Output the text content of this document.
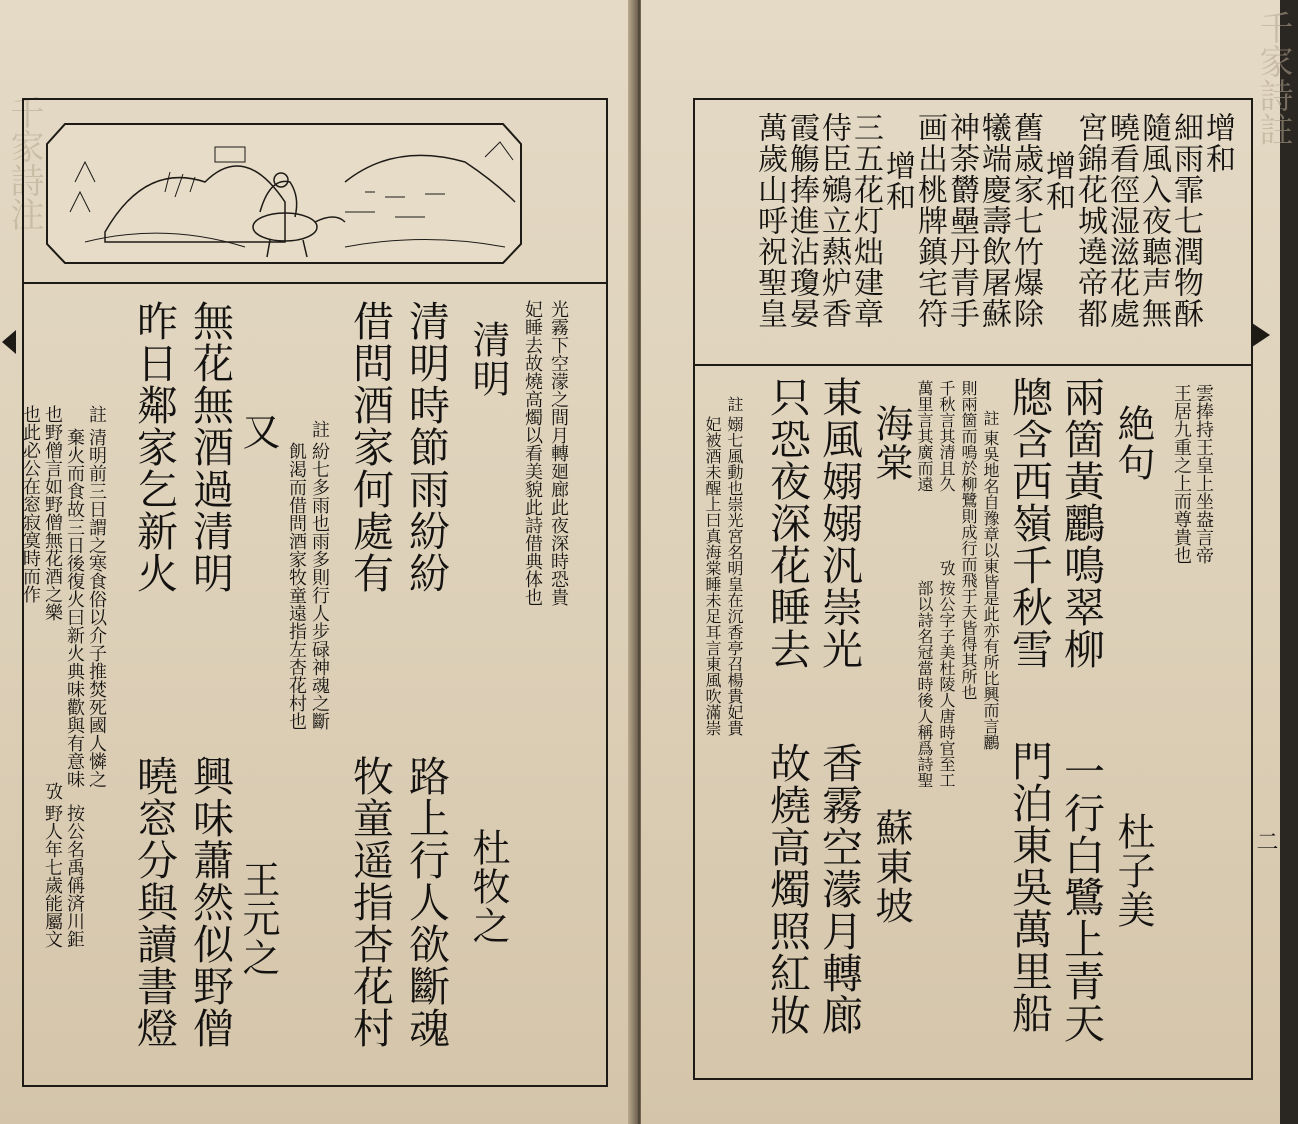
千家詩注
光霧下空濛之間月轉廻廊此夜深時恐貴
妃睡去故燒高燭以看美貌此詩借典体也
清明
杜牧之
清明時節雨紛紛
路上行人欲斷魂
借問酒家何處有
牧童遥指杏花村
註
紛七多雨也雨多則行人步碌神魂之斷
飢渇而借問酒家牧童遠指左杏花村也
又
王元之
無花無酒過清明
興味蕭然似野僧
昨日鄰家乞新火
曉窓分與讀書燈
註
清明前三日謂之寒食俗以介子推焚死國人憐之
棄火而食故三日後復火曰新火典味歡與有意味
也野僧言如野僧無花酒之樂
也此必公在窓寂寞時而作
攷
按公名禹偁済川鉅
野人年七歲能屬文	二
千家詩註
增和
細雨霏七潤物酥
隨風入夜聽声無
曉看徑湿滋花處
宮錦花城遶帝都
增和
舊歳家七竹爆除
犧端慶壽飲屠蘇
神荼欝壘丹青手
画出桃牌鎮宅符
增和
三五花灯炪建章
侍臣鵷立爇炉香
霞觴捧進沾瓊晏
萬歲山呼祝聖皇
雲捧持王皇上坐盎言帝
王居九重之上而尊貴也
絶句
杜子美
兩箇黃鸝鳴翠柳
一行白鷺上青天
牕含西嶺千秋雪
門泊東吳萬里船
註
東吳地名自豫章以東皆是此亦有所比興而言鸝
則兩箇而鳴於柳鷺則成行而飛于天皆得其所也
千秋言其清且久
萬里言其廣而遠
攷
按公字子美杜陵人唐時官至工
部以詩名冠當時後人稱爲詩聖
海棠
蘇東坡
東風嫋嫋汎崇光
香霧空濛月轉廊
只恐夜深花睡去
故燒高燭照紅妝
註
嫋七風動也崇光宮名明皇在沉香亭召楊貴妃貴
妃被酒未醒上曰真海棠睡未足耳言東風吹滿崇
